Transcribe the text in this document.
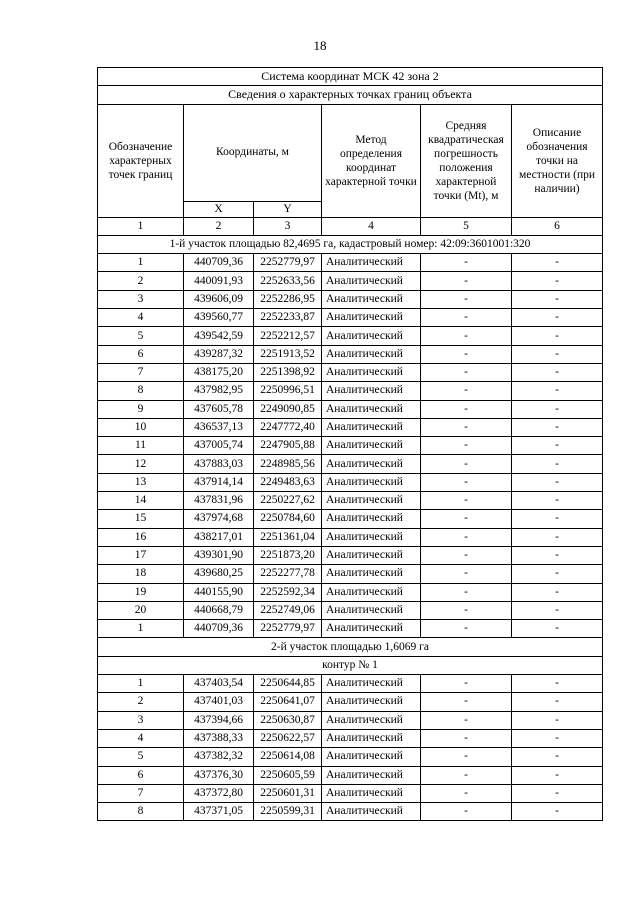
18
Система координат МСК 42 зона 2					
Сведения о характерных точках границ объекта					
Обозначение характерных точек границ	Координаты, м		Метод определения координат характерной точки	Средняя квадратическая погрешность положения характерной точки (Mt), м	Описание обозначения точки на местности (при наличии)
	X	Y			
1	2	3	4	5	6
1-й участок площадью 82,4695 га, кадастровый номер: 42:09:3601001:320					
1	440709,36	2252779,97	Аналитический	-	-
2	440091,93	2252633,56	Аналитический	-	-
3	439606,09	2252286,95	Аналитический	-	-
4	439560,77	2252233,87	Аналитический	-	-
5	439542,59	2252212,57	Аналитический	-	-
6	439287,32	2251913,52	Аналитический	-	-
7	438175,20	2251398,92	Аналитический	-	-
8	437982,95	2250996,51	Аналитический	-	-
9	437605,78	2249090,85	Аналитический	-	-
10	436537,13	2247772,40	Аналитический	-	-
11	437005,74	2247905,88	Аналитический	-	-
12	437883,03	2248985,56	Аналитический	-	-
13	437914,14	2249483,63	Аналитический	-	-
14	437831,96	2250227,62	Аналитический	-	-
15	437974,68	2250784,60	Аналитический	-	-
16	438217,01	2251361,04	Аналитический	-	-
17	439301,90	2251873,20	Аналитический	-	-
18	439680,25	2252277,78	Аналитический	-	-
19	440155,90	2252592,34	Аналитический	-	-
20	440668,79	2252749,06	Аналитический	-	-
1	440709,36	2252779,97	Аналитический	-	-
2-й участок площадью 1,6069 га					
контур № 1					
1	437403,54	2250644,85	Аналитический	-	-
2	437401,03	2250641,07	Аналитический	-	-
3	437394,66	2250630,87	Аналитический	-	-
4	437388,33	2250622,57	Аналитический	-	-
5	437382,32	2250614,08	Аналитический	-	-
6	437376,30	2250605,59	Аналитический	-	-
7	437372,80	2250601,31	Аналитический	-	-
8	437371,05	2250599,31	Аналитический	-	-
